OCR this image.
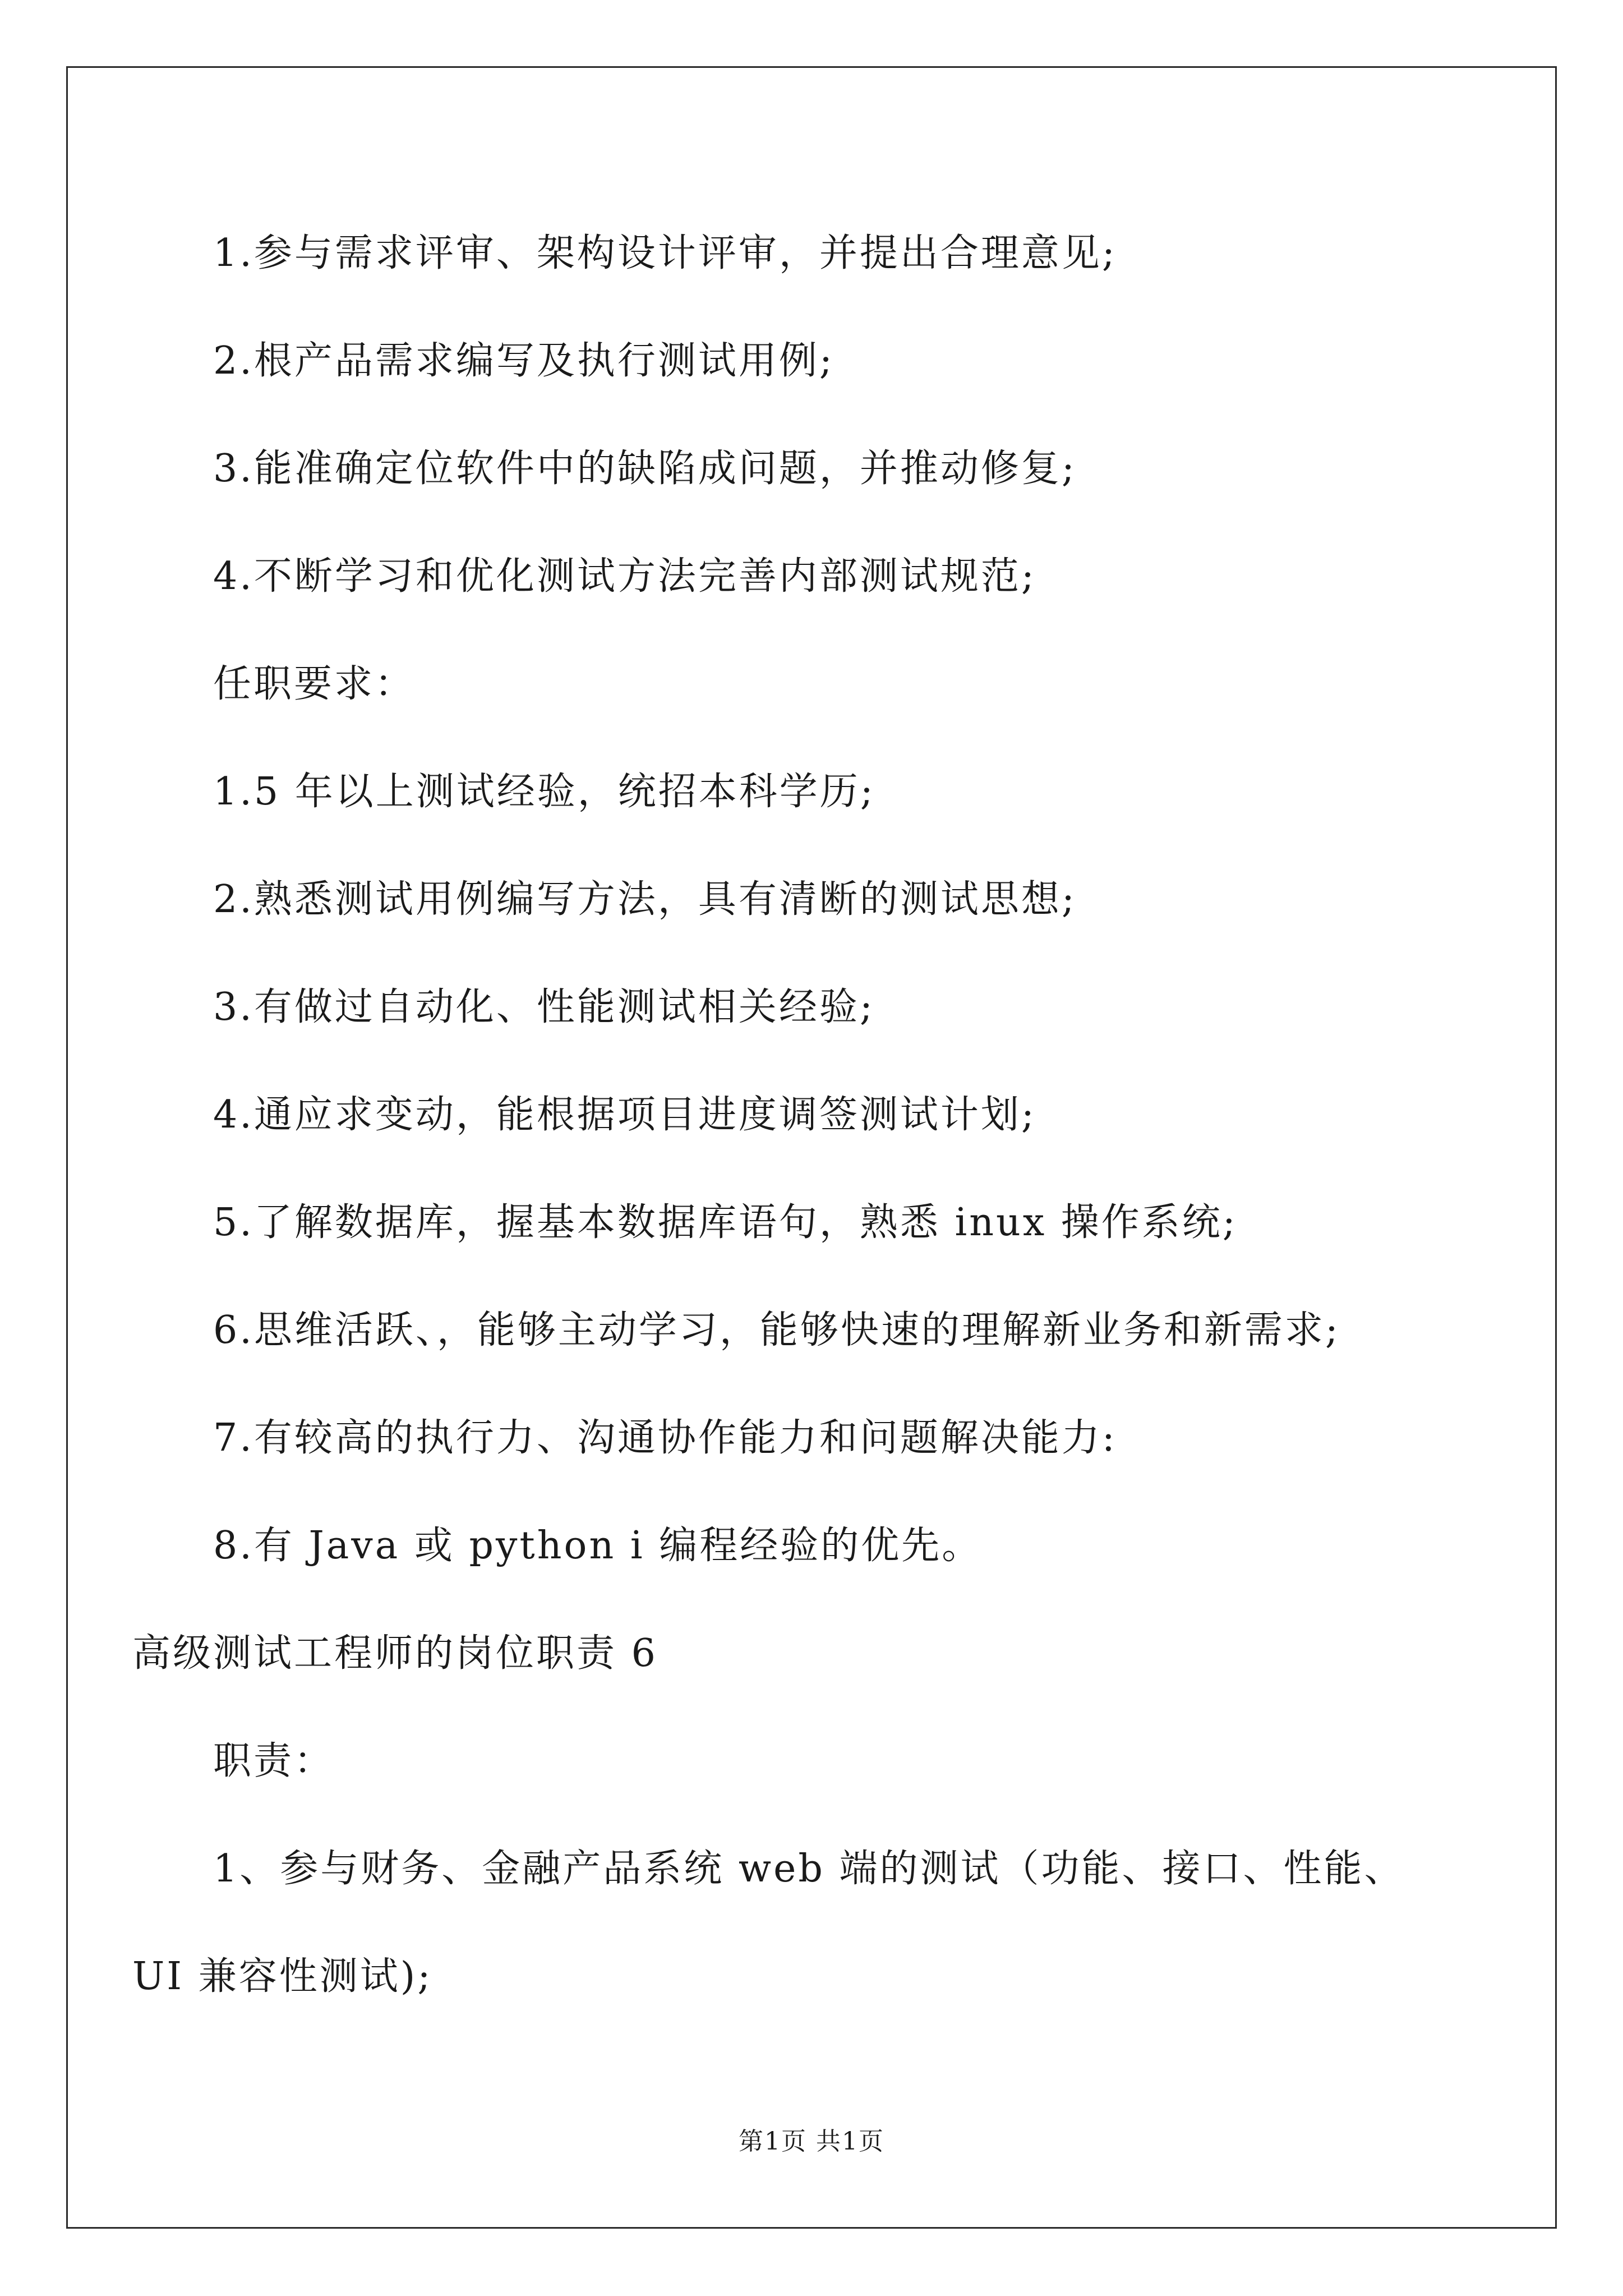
1.参与需求评审、架构设计评审，并提出合理意见;
2.根产品需求编写及执行测试用例;
3.能准确定位软件中的缺陷成问题，并推动修复;
4.不断学习和优化测试方法完善内部测试规范;
任职要求：
1.5 年以上测试经验，统招本科学历;
2.熟悉测试用例编写方法，具有清断的测试思想;
3.有做过自动化、性能测试相关经验;
4.通应求变动，能根据项目进度调签测试计划;
5.了解数据库，握基本数据库语句，熟悉 inux 操作系统;
6.思维活跃、，能够主动学习，能够快速的理解新业务和新需求;
7.有较高的执行力、沟通协作能力和问题解决能力:
8.有 Java 或 python i 编程经验的优先。
高级测试工程师的岗位职责 6
职责：
1、参与财务、金融产品系统 web 端的测试（功能、接口、性能、
UI 兼容性测试);
第1页 共1页
